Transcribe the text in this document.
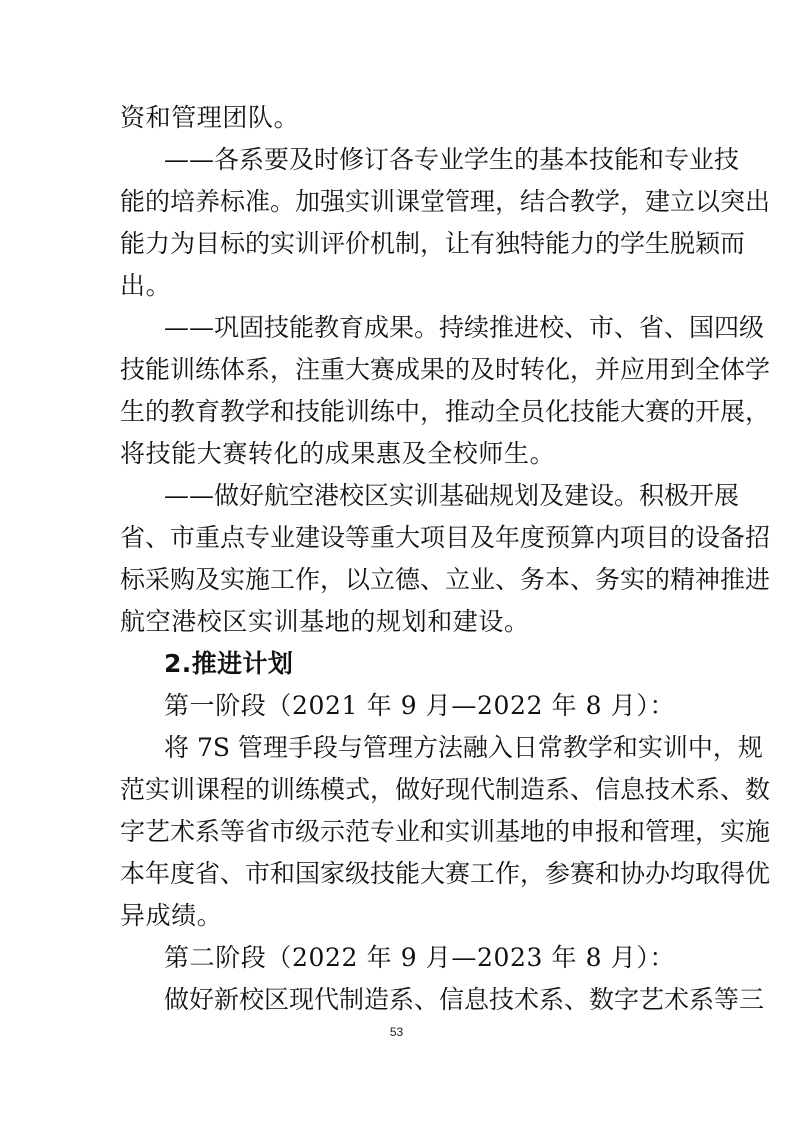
资和管理团队。
——各系要及时修订各专业学生的基本技能和专业技
能的培养标准。加强实训课堂管理，结合教学，建立以突出
能力为目标的实训评价机制，让有独特能力的学生脱颖而
出。
——巩固技能教育成果。持续推进校、市、省、国四级
技能训练体系，注重大赛成果的及时转化，并应用到全体学
生的教育教学和技能训练中，推动全员化技能大赛的开展，
将技能大赛转化的成果惠及全校师生。
——做好航空港校区实训基础规划及建设。积极开展
省、市重点专业建设等重大项目及年度预算内项目的设备招
标采购及实施工作，以立德、立业、务本、务实的精神推进
航空港校区实训基地的规划和建设。
2.推进计划
第一阶段（2021 年 9 月—2022 年 8 月）：
将 7S 管理手段与管理方法融入日常教学和实训中，规
范实训课程的训练模式，做好现代制造系、信息技术系、数
字艺术系等省市级示范专业和实训基地的申报和管理，实施
本年度省、市和国家级技能大赛工作，参赛和协办均取得优
异成绩。
第二阶段（2022 年 9 月—2023 年 8 月）：
做好新校区现代制造系、信息技术系、数字艺术系等三
53
